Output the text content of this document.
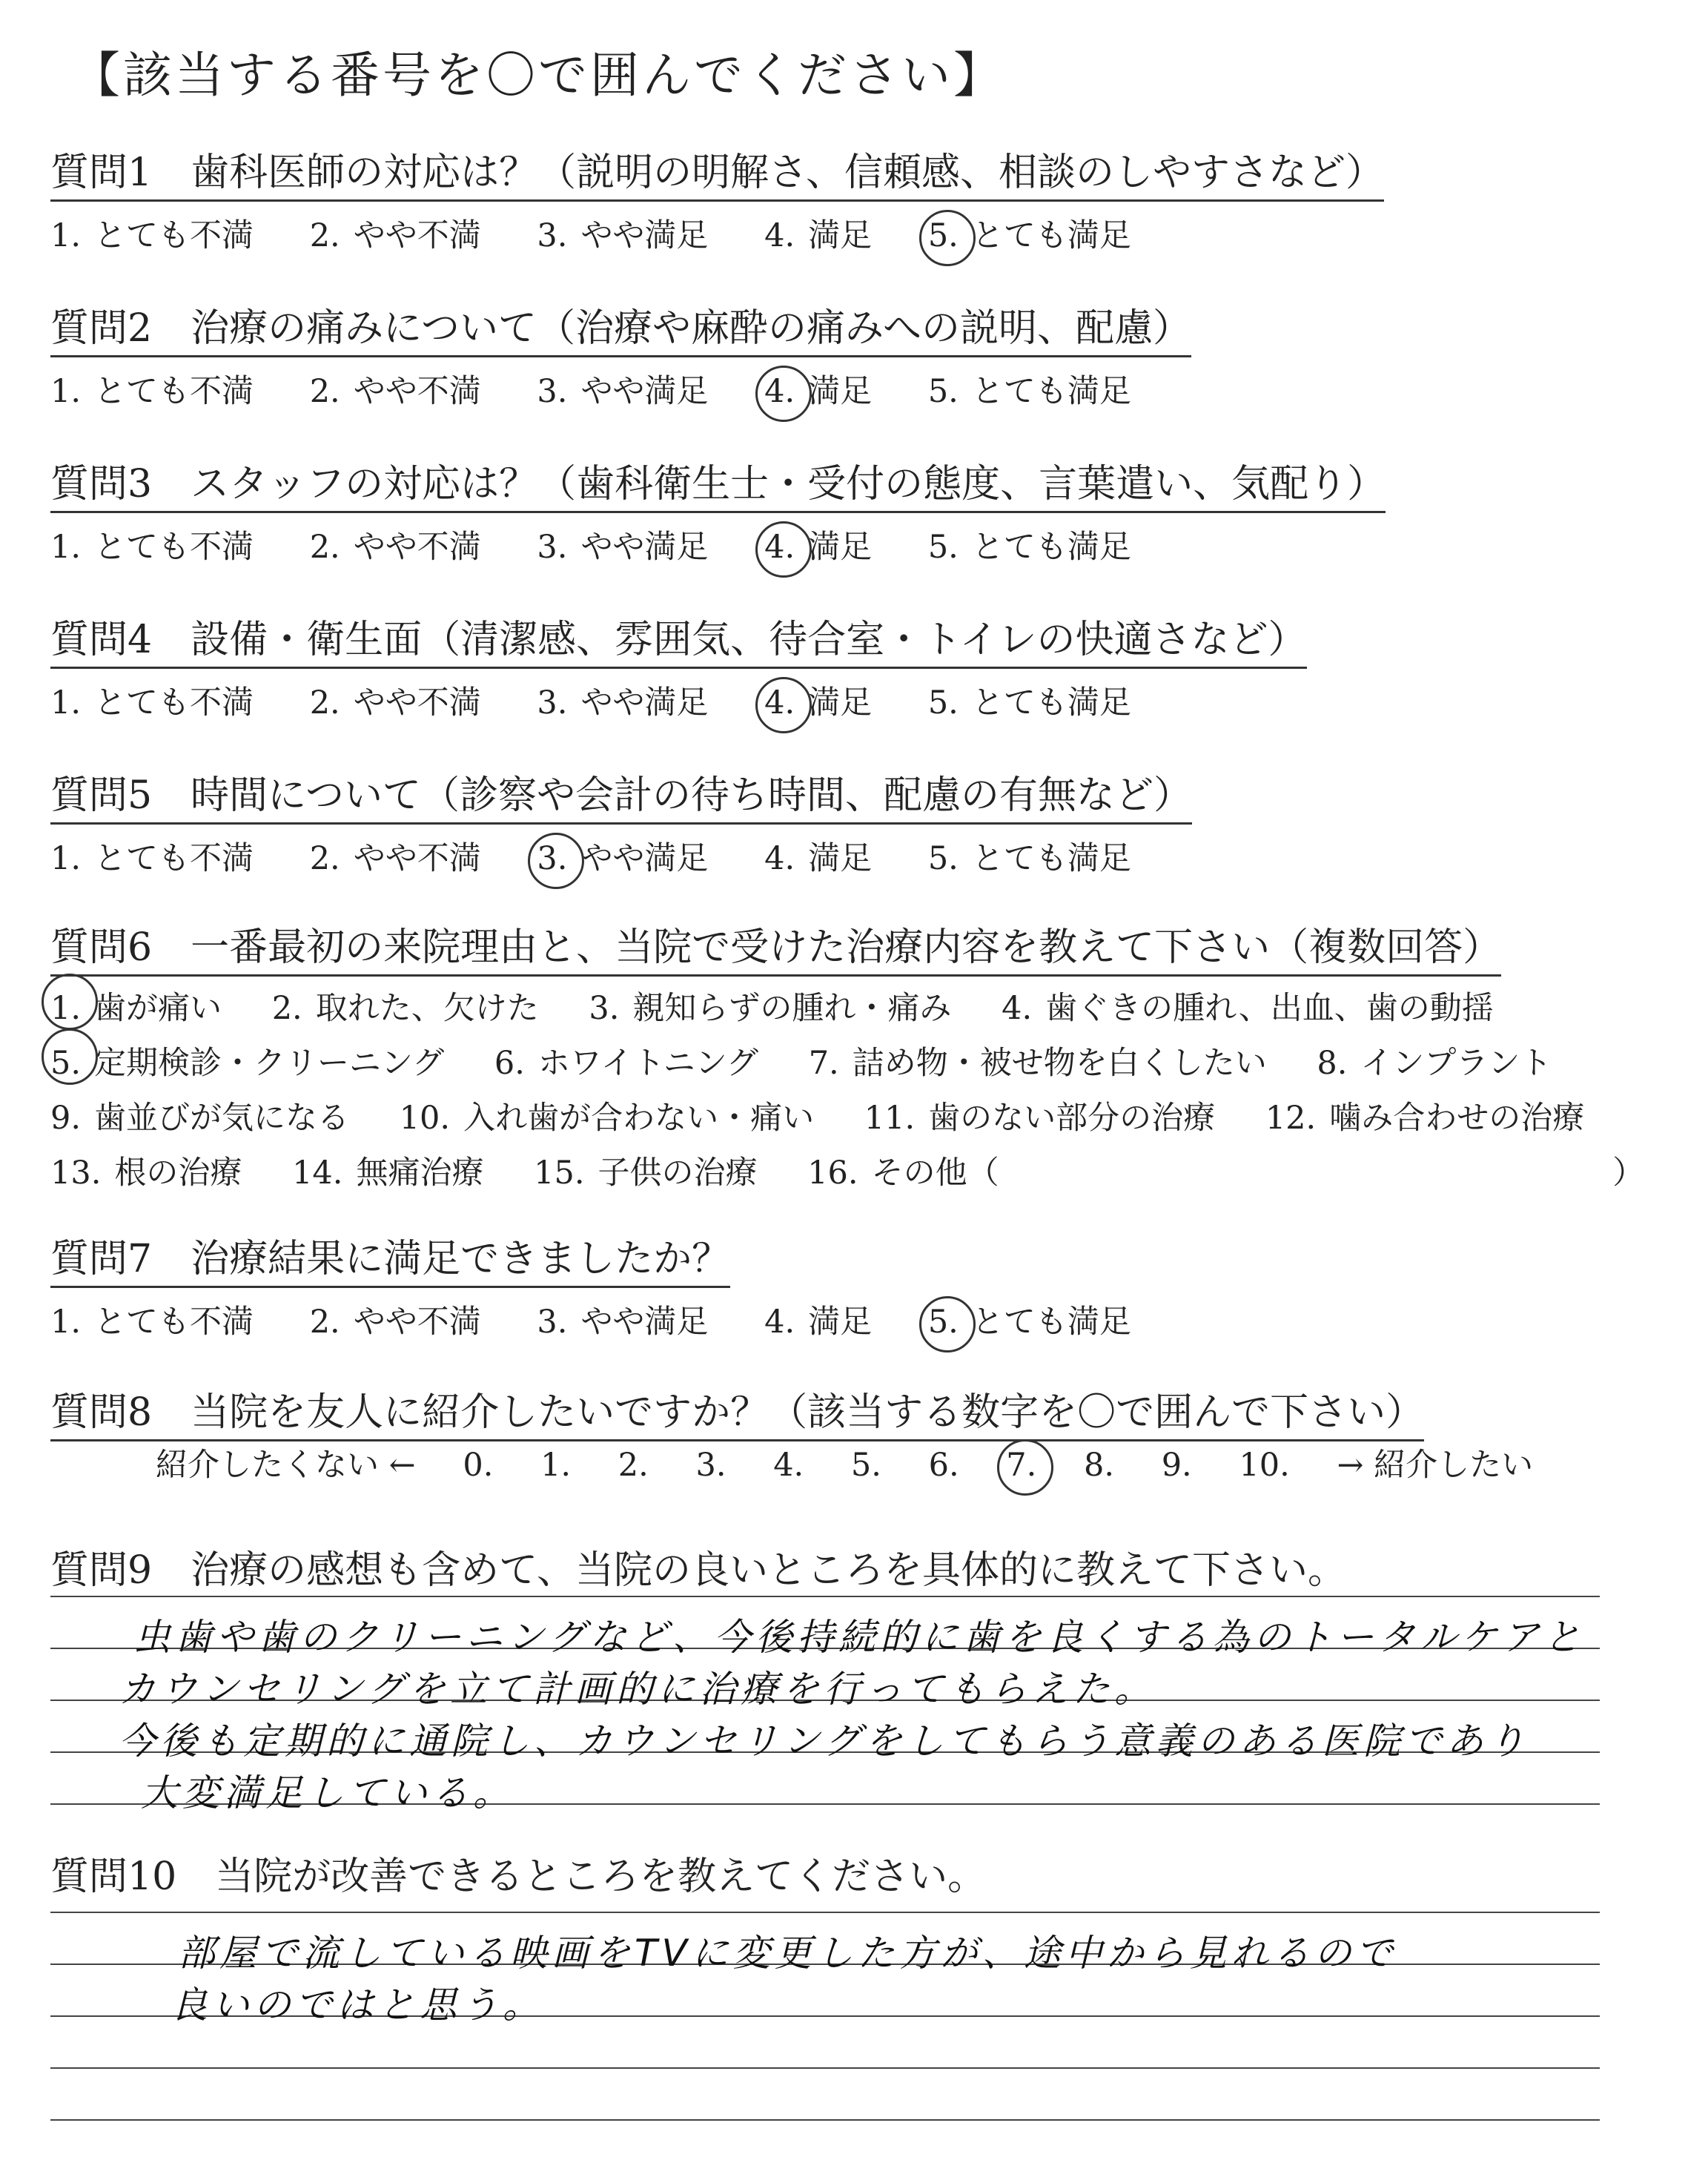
【該当する番号を〇で囲んでください】
質問1　歯科医師の対応は？（説明の明解さ、信頼感、相談のしやすさなど）
1. とても不満 2. やや不満 3. やや満足 4. 満足 5. とても満足
質問2　治療の痛みについて（治療や麻酔の痛みへの説明、配慮）
1. とても不満 2. やや不満 3. やや満足 4. 満足 5. とても満足
質問3　スタッフの対応は？（歯科衛生士・受付の態度、言葉遣い、気配り）
1. とても不満 2. やや不満 3. やや満足 4. 満足 5. とても満足
質問4　設備・衛生面（清潔感、雰囲気、待合室・トイレの快適さなど）
1. とても不満 2. やや不満 3. やや満足 4. 満足 5. とても満足
質問5　時間について（診察や会計の待ち時間、配慮の有無など）
1. とても不満 2. やや不満 3. やや満足 4. 満足 5. とても満足
質問6　一番最初の来院理由と、当院で受けた治療内容を教えて下さい（複数回答）
1. 歯が痛い 2. 取れた、欠けた 3. 親知らずの腫れ・痛み 4. 歯ぐきの腫れ、出血、歯の動揺
5. 定期検診・クリーニング 6. ホワイトニング 7. 詰め物・被せ物を白くしたい 8. インプラント
9. 歯並びが気になる 10. 入れ歯が合わない・痛い 11. 歯のない部分の治療 12. 噛み合わせの治療
13. 根の治療 14. 無痛治療 15. 子供の治療 16. その他（	）
質問7　治療結果に満足できましたか？
1. とても不満 2. やや不満 3. やや満足 4. 満足 5. とても満足
質問8　当院を友人に紹介したいですか？（該当する数字を〇で囲んで下さい）
紹介したくない ← 0. 1. 2. 3. 4. 5. 6. 7. 8. 9. 10. → 紹介したい
質問9　治療の感想も含めて、当院の良いところを具体的に教えて下さい。
虫歯や歯のクリーニングなど、今後持続的に歯を良くする為のトータルケアと
カウンセリングを立て計画的に治療を行ってもらえた。
今後も定期的に通院し、カウンセリングをしてもらう意義のある医院であり
大変満足している。
質問10　当院が改善できるところを教えてください。
部屋で流している映画をTVに変更した方が、途中から見れるので
良いのではと思う。
